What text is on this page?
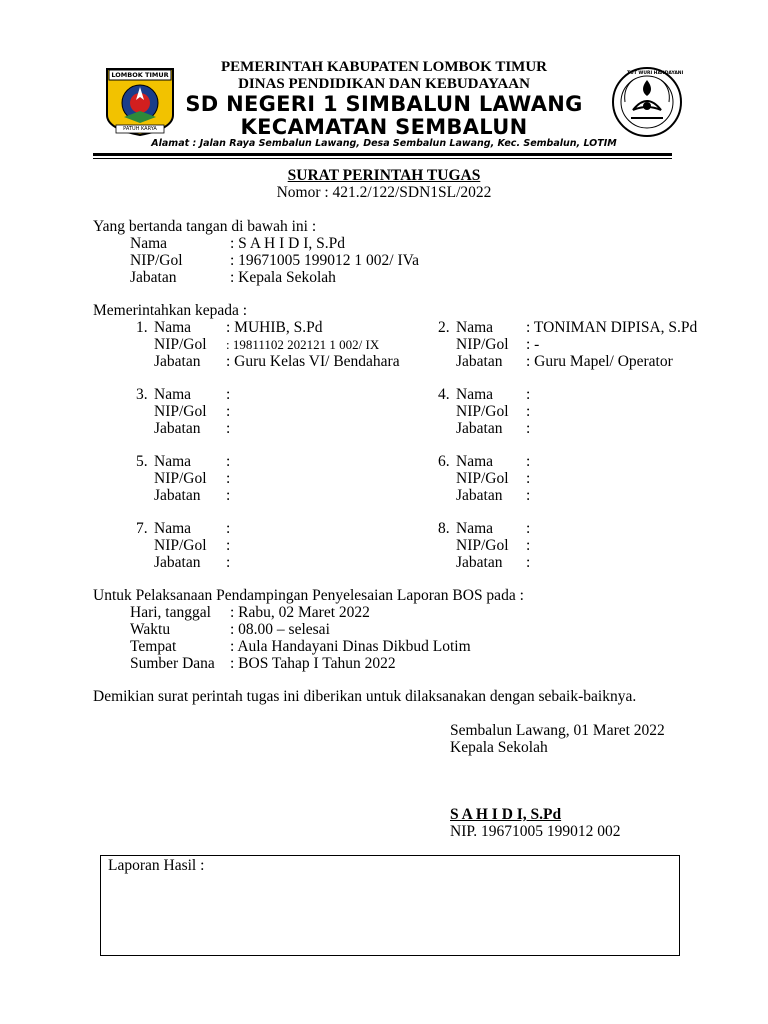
LOMBOK TIMUR
PATUH KARYA
TUT WURI HANDAYANI
PEMERINTAH KABUPATEN LOMBOK TIMUR
DINAS PENDIDIKAN DAN KEBUDAYAAN
SD NEGERI 1 SIMBALUN LAWANG
KECAMATAN SEMBALUN
Alamat : Jalan Raya Sembalun Lawang, Desa Sembalun Lawang, Kec. Sembalun, LOTIM
SURAT PERINTAH TUGAS
Nomor : 421.2/122/SDN1SL/2022
Yang bertanda tangan di bawah ini :
Nama	: S A H I D I, S.Pd
NIP/Gol	: 19671005 199012 1 002/ IVa
Jabatan	: Kepala Sekolah
Memerintahkan kepada :
1. Nama : MUHIB, S.Pd
NIP/Gol : 19811102 202121 1 002/ IX
Jabatan : Guru Kelas VI/ Bendahara
2. Nama : TONIMAN DIPISA, S.Pd
NIP/Gol : -
Jabatan : Guru Mapel/ Operator
3. Nama :
NIP/Gol :
Jabatan :
4. Nama :
NIP/Gol :
Jabatan :
5. Nama :
NIP/Gol :
Jabatan :
6. Nama :
NIP/Gol :
Jabatan :
7. Nama :
NIP/Gol :
Jabatan :
8. Nama :
NIP/Gol :
Jabatan :
Untuk Pelaksanaan Pendampingan Penyelesaian Laporan BOS pada :
Hari, tanggal : Rabu, 02 Maret 2022
Waktu	: 08.00 – selesai
Tempat	: Aula Handayani Dinas Dikbud Lotim
Sumber Dana : BOS Tahap I Tahun 2022
Demikian surat perintah tugas ini diberikan untuk dilaksanakan dengan sebaik-baiknya.
Sembalun Lawang, 01 Maret 2022
Kepala Sekolah
S A H I D I, S.Pd
NIP. 19671005 199012 002
Laporan Hasil :
